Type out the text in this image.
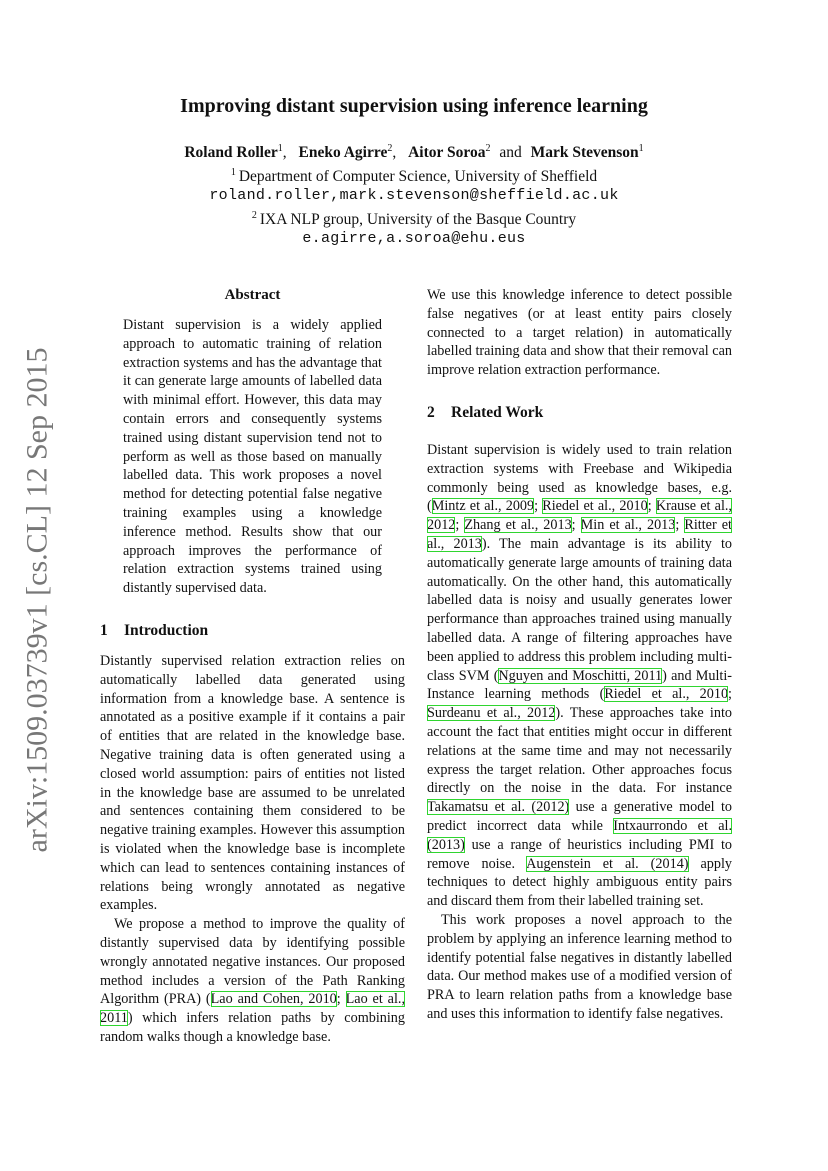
arXiv:1509.03739v1 [cs.CL] 12 Sep 2015
Improving distant supervision using inference learning
Roland Roller$^1$, Eneko Agirre$^2$, Aitor Soroa$^2$ and Mark Stevenson$^1$
$^1$ Department of Computer Science, University of Sheffield
roland.roller,mark.stevenson@sheffield.ac.uk
$^2$ IXA NLP group, University of the Basque Country
e.agirre,a.soroa@ehu.eus
Abstract

Distant supervision is a widely applied approach to automatic training of relation extraction systems and has the advantage that it can generate large amounts of labelled data with minimal effort. However, this data may contain errors and consequently systems trained using distant supervision tend not to perform as well as those based on manually labelled data. This work proposes a novel method for detecting potential false negative training examples using a knowledge inference method. Results show that our approach improves the performance of relation extraction systems trained using distantly supervised data.

1 Introduction

Distantly supervised relation extraction relies on automatically labelled data generated using information from a knowledge base. A sentence is annotated as a positive example if it contains a pair of entities that are related in the knowledge base. Negative training data is often generated using a closed world assumption: pairs of entities not listed in the knowledge base are assumed to be unrelated and sentences containing them considered to be negative training examples. However this assumption is violated when the knowledge base is incomplete which can lead to sentences containing instances of relations being wrongly annotated as negative examples.

We propose a method to improve the quality of distantly supervised data by identifying possible wrongly annotated negative instances. Our proposed method includes a version of the Path Ranking Algorithm (PRA) (Lao and Cohen, 2010; Lao et al., 2011) which infers relation paths by combining random walks though a knowledge base.

We use this knowledge inference to detect possible false negatives (or at least entity pairs closely connected to a target relation) in automatically labelled training data and show that their removal can improve relation extraction performance.

2 Related Work

Distant supervision is widely used to train relation extraction systems with Freebase and Wikipedia commonly being used as knowledge bases, e.g. (Mintz et al., 2009; Riedel et al., 2010; Krause et al., 2012; Zhang et al., 2013; Min et al., 2013; Ritter et al., 2013). The main advantage is its ability to automatically generate large amounts of training data automatically. On the other hand, this automatically labelled data is noisy and usually generates lower performance than approaches trained using manually labelled data. A range of filtering approaches have been applied to address this problem including multi-class SVM (Nguyen and Moschitti, 2011) and Multi-Instance learning methods (Riedel et al., 2010; Surdeanu et al., 2012). These approaches take into account the fact that entities might occur in different relations at the same time and may not necessarily express the target relation. Other approaches focus directly on the noise in the data. For instance Takamatsu et al. (2012) use a generative model to predict incorrect data while Intxaurrondo et al. (2013) use a range of heuristics including PMI to remove noise. Augenstein et al. (2014) apply techniques to detect highly ambiguous entity pairs and discard them from their labelled training set.

This work proposes a novel approach to the problem by applying an inference learning method to identify potential false negatives in distantly labelled data. Our method makes use of a modified version of PRA to learn relation paths from a knowledge base and uses this information to identify false negatives.
